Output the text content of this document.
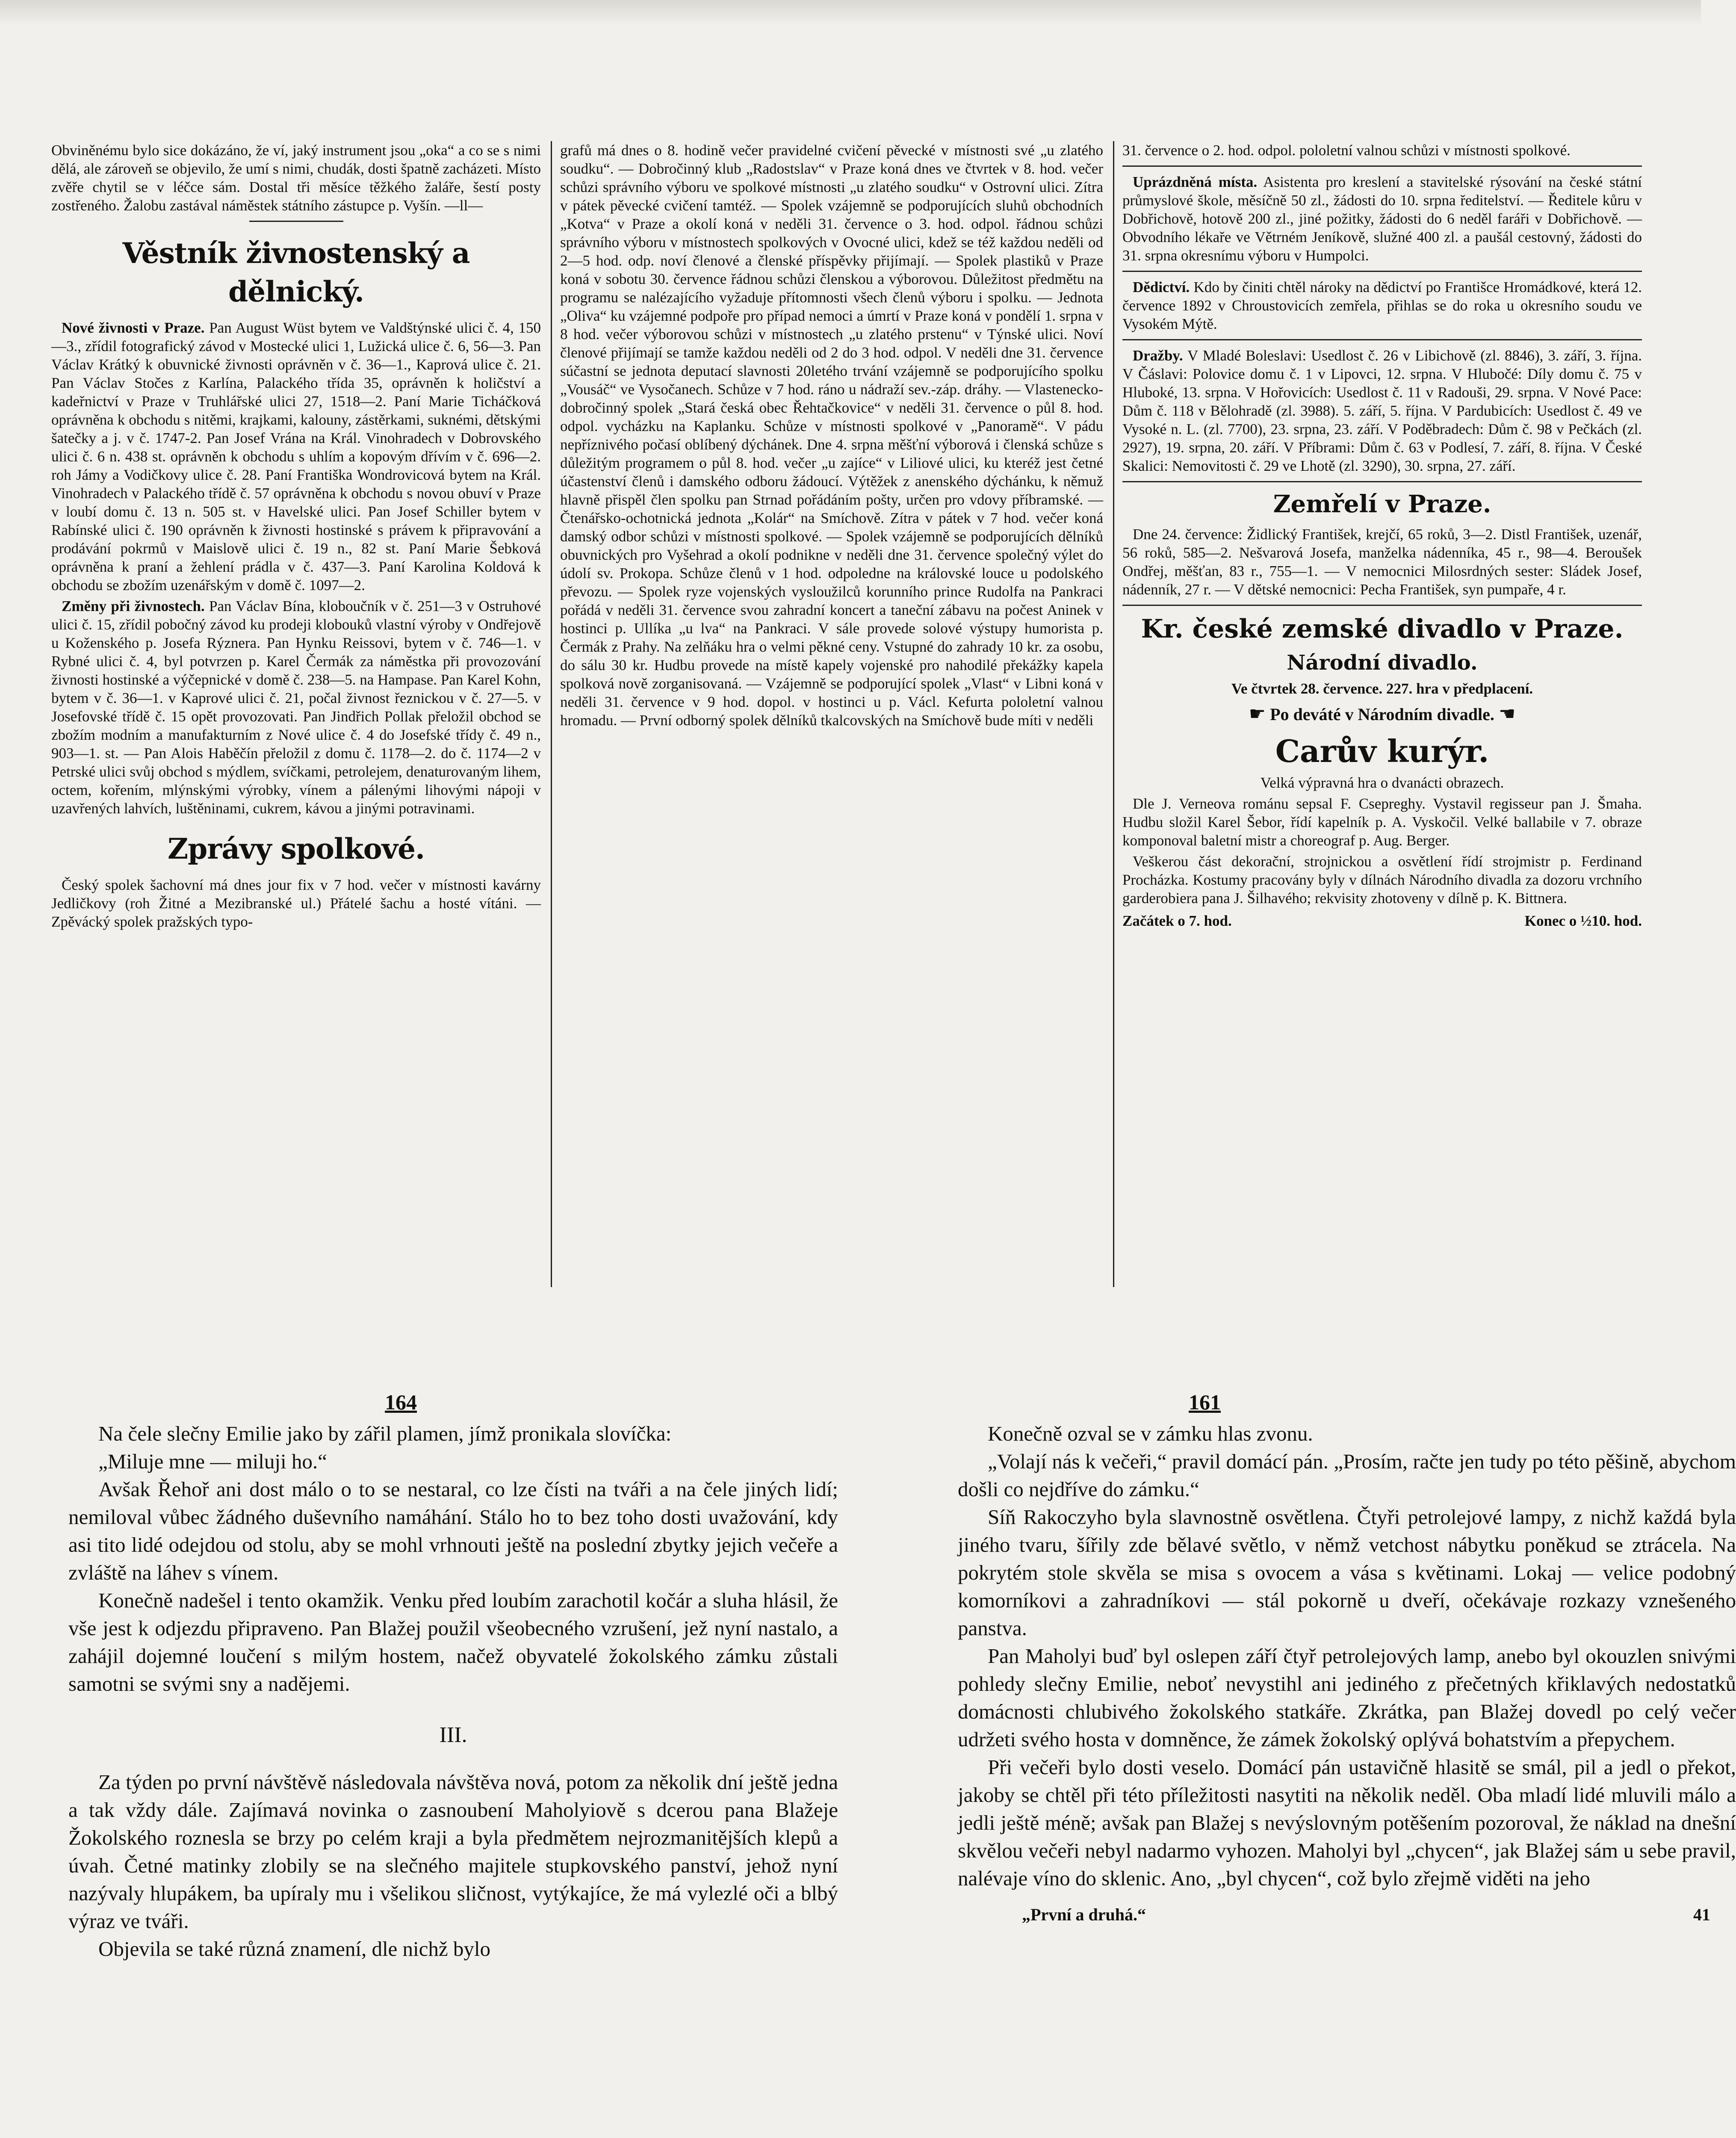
Obviněnému bylo sice dokázáno, že ví, jaký instrument jsou „oka“ a co se s nimi dělá, ale zároveň se objevilo, že umí s nimi, chudák, dosti špatně zacházeti. Místo zvěře chytil se v léčce sám. Dostal tři měsíce těžkého žaláře, šestí posty zostřeného. Žalobu zastával náměstek státního zástupce p. Vyšín. —ll—

Věstník živnostenský a dělnický.

Nové živnosti v Praze. Pan August Wüst bytem ve Valdštýnské ulici č. 4, 150—3., zřídil fotografický závod v Mostecké ulici 1, Lužická ulice č. 6, 56—3. Pan Václav Krátký k obuvnické živnosti oprávněn v č. 36—1., Kaprová ulice č. 21. Pan Václav Stočes z Karlína, Palackého třída 35, oprávněn k holičství a kadeřnictví v Praze v Truhlářské ulici 27, 1518—2. Paní Marie Ticháčková oprávněna k obchodu s nitěmi, krajkami, kalouny, zástěrkami, suknémi, dětskými šatečky a j. v č. 1747-2. Pan Josef Vrána na Král. Vinohradech v Dobrovského ulici č. 6 n. 438 st. oprávněn k obchodu s uhlím a kopovým dřívím v č. 696—2. roh Jámy a Vodičkovy ulice č. 28. Paní Františka Wondrovicová bytem na Král. Vinohradech v Palackého třídě č. 57 oprávněna k obchodu s novou obuví v Praze v loubí domu č. 13 n. 505 st. v Havelské ulici. Pan Josef Schiller bytem v Rabínské ulici č. 190 oprávněn k živnosti hostinské s právem k připravování a prodávání pokrmů v Maislově ulici č. 19 n., 82 st. Paní Marie Šebková oprávněna k praní a žehlení prádla v č. 437—3. Paní Karolina Koldová k obchodu se zbožím uzenářským v domě č. 1097—2.

Změny při živnostech. Pan Václav Bína, kloboučník v č. 251—3 v Ostruhové ulici č. 15, zřídil pobočný závod ku prodeji klobouků vlastní výroby v Ondřejově u Koženského p. Josefa Rýznera. Pan Hynku Reissovi, bytem v č. 746—1. v Rybné ulici č. 4, byl potvrzen p. Karel Čermák za náměstka při provozování živnosti hostinské a výčepnické v domě č. 238—5. na Hampase. Pan Karel Kohn, bytem v č. 36—1. v Kaprové ulici č. 21, počal živnost řeznickou v č. 27—5. v Josefovské třídě č. 15 opět provozovati. Pan Jindřich Pollak přeložil obchod se zbožím modním a manufakturním z Nové ulice č. 4 do Josefské třídy č. 49 n., 903—1. st. — Pan Alois Haběčín přeložil z domu č. 1178—2. do č. 1174—2 v Petrské ulici svůj obchod s mýdlem, svíčkami, petrolejem, denaturovaným lihem, octem, kořením, mlýnskými výrobky, vínem a pálenými lihovými nápoji v uzavřených lahvích, luštěninami, cukrem, kávou a jinými potravinami.

Zprávy spolkové.

Český spolek šachovní má dnes jour fix v 7 hod. večer v místnosti kavárny Jedličkovy (roh Žitné a Mezibranské ul.) Přátelé šachu a hosté vítáni. — Zpěvácký spolek pražských typo-

grafů má dnes o 8. hodině večer pravidelné cvičení pěvecké v místnosti své „u zlatého soudku“. — Dobročinný klub „Radostslav“ v Praze koná dnes ve čtvrtek v 8. hod. večer schůzi správního výboru ve spolkové místnosti „u zlatého soudku“ v Ostrovní ulici. Zítra v pátek pěvecké cvičení tamtéž. — Spolek vzájemně se podporujících sluhů obchodních „Kotva“ v Praze a okolí koná v neděli 31. července o 3. hod. odpol. řádnou schůzi správního výboru v místnostech spolkových v Ovocné ulici, kdež se též každou neděli od 2—5 hod. odp. noví členové a členské příspěvky přijímají. — Spolek plastiků v Praze koná v sobotu 30. července řádnou schůzi členskou a výborovou. Důležitost předmětu na programu se nalézajícího vyžaduje přítomnosti všech členů výboru i spolku. — Jednota „Oliva“ ku vzájemné podpoře pro případ nemoci a úmrtí v Praze koná v pondělí 1. srpna v 8 hod. večer výborovou schůzi v místnostech „u zlatého prstenu“ v Týnské ulici. Noví členové přijímají se tamže každou neděli od 2 do 3 hod. odpol. V neděli dne 31. července súčastní se jednota deputací slavnosti 20letého trvání vzájemně se podporujícího spolku „Vousáč“ ve Vysočanech. Schůze v 7 hod. ráno u nádraží sev.-záp. dráhy. — Vlastenecko-dobročinný spolek „Stará česká obec Řehtačkovice“ v neděli 31. července o půl 8. hod. odpol. vycházku na Kaplanku. Schůze v místnosti spolkové v „Panoramě“. V pádu nepříznivého počasí oblíbený dýchánek. Dne 4. srpna měšťní výborová i členská schůze s důležitým programem o půl 8. hod. večer „u zajíce“ v Liliové ulici, ku kteréž jest četné účastenství členů i damského odboru žádoucí. Výtěžek z anenského dýchánku, k němuž hlavně přispěl člen spolku pan Strnad pořádáním pošty, určen pro vdovy příbramské. — Čtenářsko-ochotnická jednota „Kolár“ na Smíchově. Zítra v pátek v 7 hod. večer koná damský odbor schůzi v místnosti spolkové. — Spolek vzájemně se podporujících dělníků obuvnických pro Vyšehrad a okolí podnikne v neděli dne 31. července společný výlet do údolí sv. Prokopa. Schůze členů v 1 hod. odpoledne na královské louce u podolského převozu. — Spolek ryze vojenských vysloužilců korunního prince Rudolfa na Pankraci pořádá v neděli 31. července svou zahradní koncert a taneční zábavu na počest Aninek v hostinci p. Ullíka „u lva“ na Pankraci. V sále provede solové výstupy humorista p. Čermák z Prahy. Na zelňáku hra o velmi pěkné ceny. Vstupné do zahrady 10 kr. za osobu, do sálu 30 kr. Hudbu provede na místě kapely vojenské pro nahodilé překážky kapela spolková nově zorganisovaná. — Vzájemně se podporující spolek „Vlast“ v Libni koná v neděli 31. července v 9 hod. dopol. v hostinci u p. Václ. Kefurta pololetní valnou hromadu. — První odborný spolek dělníků tkalcovských na Smíchově bude míti v neděli

31. července o 2. hod. odpol. pololetní valnou schůzi v místnosti spolkové.

Uprázdněná místa. Asistenta pro kreslení a stavitelské rýsování na české státní průmyslové škole, měsíčně 50 zl., žádosti do 10. srpna ředitelství. — Ředitele kůru v Dobřichově, hotově 200 zl., jiné požitky, žádosti do 6 neděl faráři v Dobřichově. — Obvodního lékaře ve Větrném Jeníkově, služné 400 zl. a paušál cestovný, žádosti do 31. srpna okresnímu výboru v Humpolci.

Dědictví. Kdo by činiti chtěl nároky na dědictví po Františce Hromádkové, která 12. července 1892 v Chroustovicích zemřela, přihlas se do roka u okresního soudu ve Vysokém Mýtě.

Dražby. V Mladé Boleslavi: Usedlost č. 26 v Libichově (zl. 8846), 3. září, 3. října. V Čáslavi: Polovice domu č. 1 v Lipovci, 12. srpna. V Hlubočé: Díly domu č. 75 v Hluboké, 13. srpna. V Hořovicích: Usedlost č. 11 v Radouši, 29. srpna. V Nové Pace: Dům č. 118 v Bělohradě (zl. 3988). 5. září, 5. října. V Pardubicích: Usedlost č. 49 ve Vysoké n. L. (zl. 7700), 23. srpna, 23. září. V Poděbradech: Dům č. 98 v Pečkách (zl. 2927), 19. srpna, 20. září. V Příbrami: Dům č. 63 v Podlesí, 7. září, 8. října. V České Skalici: Nemovitosti č. 29 ve Lhotě (zl. 3290), 30. srpna, 27. září.

Zemřelí v Praze.

Dne 24. července: Židlický František, krejčí, 65 roků, 3—2. Distl František, uzenář, 56 roků, 585—2. Nešvarová Josefa, manželka nádenníka, 45 r., 98—4. Beroušek Ondřej, měšťan, 83 r., 755—1. — V nemocnici Milosrdných sester: Sládek Josef, nádenník, 27 r. — V dětské nemocnici: Pecha František, syn pumpaře, 4 r.

Kr. české zemské divadlo v Praze.
Národní divadlo.

Ve čtvrtek 28. července. 227. hra v předplacení.

☛ Po deváté v Národním divadle. ☚
Carův kurýr.

Velká výpravná hra o dvanácti obrazech.

Dle J. Verneova románu sepsal F. Csepreghy. Vystavil regisseur pan J. Šmaha. Hudbu složil Karel Šebor, řídí kapelník p. A. Vyskočil. Velké ballabile v 7. obraze komponoval baletní mistr a choreograf p. Aug. Berger.

Veškerou část dekorační, strojnickou a osvětlení řídí strojmistr p. Ferdinand Procházka. Kostumy pracovány byly v dílnách Národního divadla za dozoru vrchního garderobiera pana J. Šilhavého; rekvisity zhotoveny v dílně p. K. Bittnera.

Začátek o 7. hod.	Konec o ½10. hod.
164	161

Na čele slečny Emilie jako by zářil plamen, jímž pronikala slovíčka:

„Miluje mne — miluji ho.“

Avšak Řehoř ani dost málo o to se nestaral, co lze čísti na tváři a na čele jiných lidí; nemiloval vůbec žádného duševního namáhání. Stálo ho to bez toho dosti uvažování, kdy asi tito lidé odejdou od stolu, aby se mohl vrhnouti ještě na poslední zbytky jejich večeře a zvláště na láhev s vínem.

Konečně nadešel i tento okamžik. Venku před loubím zarachotil kočár a sluha hlásil, že vše jest k odjezdu připraveno. Pan Blažej použil všeobecného vzrušení, jež nyní nastalo, a zahájil dojemné loučení s milým hostem, načež obyvatelé žokolského zámku zůstali samotni se svými sny a nadějemi.

III.

Za týden po první návštěvě následovala návštěva nová, potom za několik dní ještě jedna a tak vždy dále. Zajímavá novinka o zasnoubení Maholyiově s dcerou pana Blažeje Žokolského roznesla se brzy po celém kraji a byla předmětem nejrozmanitějších klepů a úvah. Četné matinky zlobily se na slečného majitele stupkovského panství, jehož nyní nazývaly hlupákem, ba upíraly mu i všelikou sličnost, vytýkajíce, že má vylezlé oči a blbý výraz ve tváři.

Objevila se také různá znamení, dle nichž bylo

Konečně ozval se v zámku hlas zvonu.

„Volají nás k večeři,“ pravil domácí pán. „Prosím, račte jen tudy po této pěšině, abychom došli co nejdříve do zámku.“

Síň Rakoczyho byla slavnostně osvětlena. Čtyři petrolejové lampy, z nichž každá byla jiného tvaru, šířily zde bělavé světlo, v němž vetchost nábytku poněkud se ztrácela. Na pokrytém stole skvěla se misa s ovocem a vása s květinami. Lokaj — velice podobný komorníkovi a zahradníkovi — stál pokorně u dveří, očekávaje rozkazy vznešeného panstva.

Pan Maholyi buď byl oslepen září čtyř petrolejových lamp, anebo byl okouzlen snivými pohledy slečny Emilie, neboť nevystihl ani jediného z přečetných křiklavých nedostatků domácnosti chlubivého žokolského statkáře. Zkrátka, pan Blažej dovedl po celý večer udržeti svého hosta v domněnce, že zámek žokolský oplývá bohatstvím a přepychem.

Při večeři bylo dosti veselo. Domácí pán ustavičně hlasitě se smál, pil a jedl o překot, jakoby se chtěl při této příležitosti nasytiti na několik neděl. Oba mladí lidé mluvili málo a jedli ještě méně; avšak pan Blažej s nevýslovným potěšením pozoroval, že náklad na dnešní skvělou večeři nebyl nadarmo vyhozen. Maholyi byl „chycen“, jak Blažej sám u sebe pravil, nalévaje víno do sklenic. Ano, „byl chycen“, což bylo zřejmě viděti na jeho

„První a druhá.“	41
